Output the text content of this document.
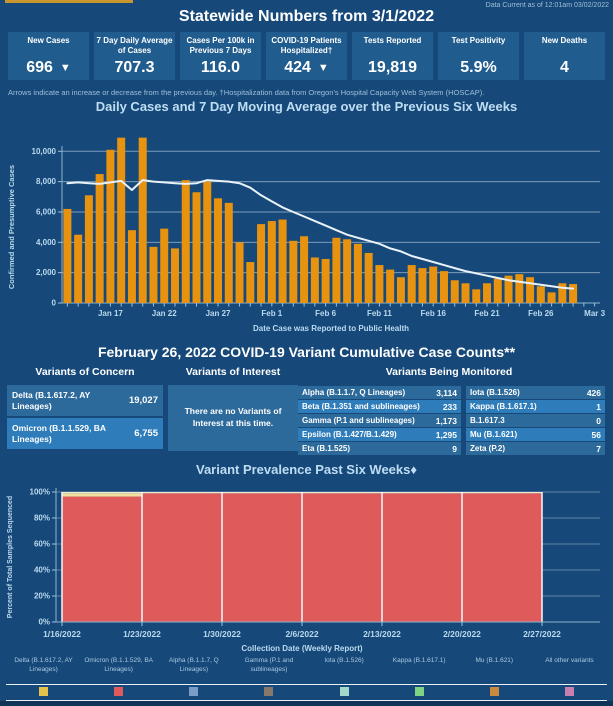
Data Current as of 12:01am 03/02/2022
Statewide Numbers from 3/1/2022
New Cases
696 ▼
7 Day Daily Average of Cases
707.3
Cases Per 100k in Previous 7 Days
116.0
COVID-19 Patients Hospitalized†
424 ▼
Tests Reported
19,819
Test Positivity
5.9%
New Deaths
4
Arrows indicate an increase or decrease from the previous day. †Hospitalization data from Oregon's Hospital Capacity Web System (HOSCAP).
Daily Cases and 7 Day Moving Average over the Previous Six Weeks
0
2,000
4,000
6,000
8,000
10,000
Jan 17	Jan 22	Jan 27	Feb 1	Feb 6	Feb 11	Feb 16	Feb 21	Feb 26	Mar 3
Date Case was Reported to Public Health
Confirmed and Presumptive Cases
February 26, 2022 COVID-19 Variant Cumulative Case Counts**
Variants of Concern	Variants of Interest	Variants Being Monitored
Delta (B.1.617.2, AY Lineages)	19,027
Omicron (B.1.1.529, BA Lineages)	6,755
There are no Variants of Interest at this time.
Alpha (B.1.1.7, Q Lineages)	3,114
Beta (B.1.351 and sublineages)	233
Gamma (P.1 and sublineages) 1,173
Epsilon (B.1.427/B.1.429)	1,295
Eta (B.1.525)	9
Iota (B.1.526)	426
Kappa (B.1.617.1)	1
B.1.617.3	0
Mu (B.1.621)	56
Zeta (P.2)	7
Variant Prevalence Past Six Weeks♦
0%
20%
40%
60%
80%
100%
1/16/2022	1/23/2022	1/30/2022	2/6/2022	2/13/2022	2/20/2022	2/27/2022
Collection Date (Weekly Report)
Percent of Total Samples Sequenced
Delta (B.1.617.2, AY Lineages)
Omicron (B.1.1.529, BA Lineages)
Alpha (B.1.1.7, Q Lineages)
Gamma (P.1 and sublineages)
Iota (B.1.526)	Kappa (B.1.617.1)	Mu (B.1.621)	All other variants
